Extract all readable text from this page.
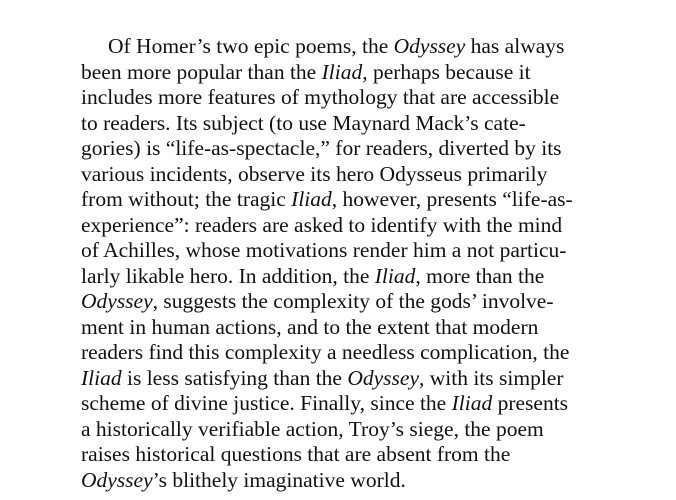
Of Homer’s two epic poems, the Odyssey has always
been more popular than the Iliad, perhaps because it
includes more features of mythology that are accessible
to readers. Its subject (to use Maynard Mack’s cate-
gories) is “life-as-spectacle,” for readers, diverted by its
various incidents, observe its hero Odysseus primarily
from without; the tragic Iliad, however, presents “life-as-
experience”: readers are asked to identify with the mind
of Achilles, whose motivations render him a not particu-
larly likable hero. In addition, the Iliad, more than the
Odyssey, suggests the complexity of the gods’ involve-
ment in human actions, and to the extent that modern
readers find this complexity a needless complication, the
Iliad is less satisfying than the Odyssey, with its simpler
scheme of divine justice. Finally, since the Iliad presents
a historically verifiable action, Troy’s siege, the poem
raises historical questions that are absent from the
Odyssey’s blithely imaginative world.
